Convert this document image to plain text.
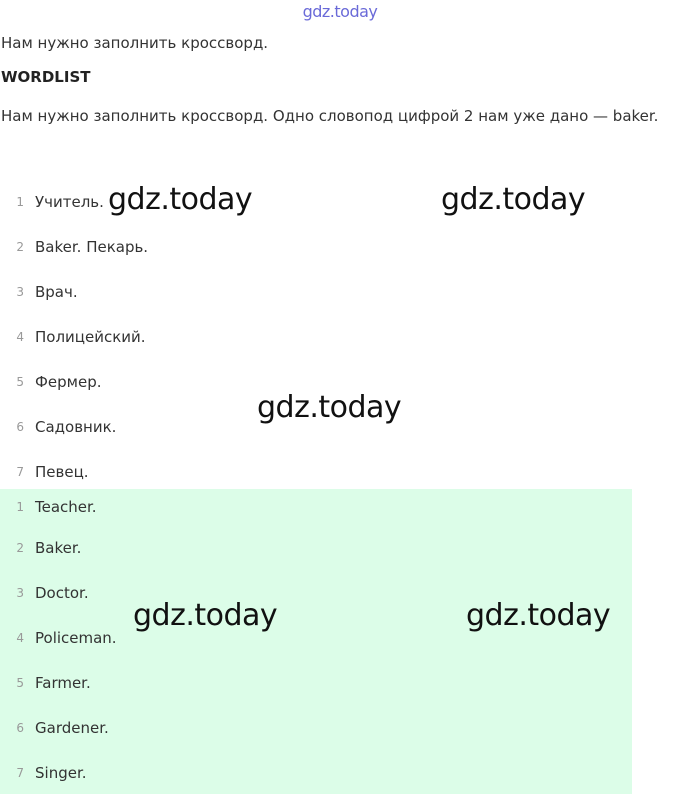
gdz.today
Нам нужно заполнить кроссворд.
WORDLIST
Нам нужно заполнить кроссворд. Одно словопод цифрой 2 нам уже дано — baker.
1 Учитель.
2 Baker. Пекарь.
3 Врач.
4 Полицейский.
5 Фермер.
6 Садовник.
7 Певец.
1 Teacher.
2 Baker.
3 Doctor.
4 Policeman.
5 Farmer.
6 Gardener.
7 Singer.
gdz.today	gdz.today
gdz.today
gdz.today	gdz.today
